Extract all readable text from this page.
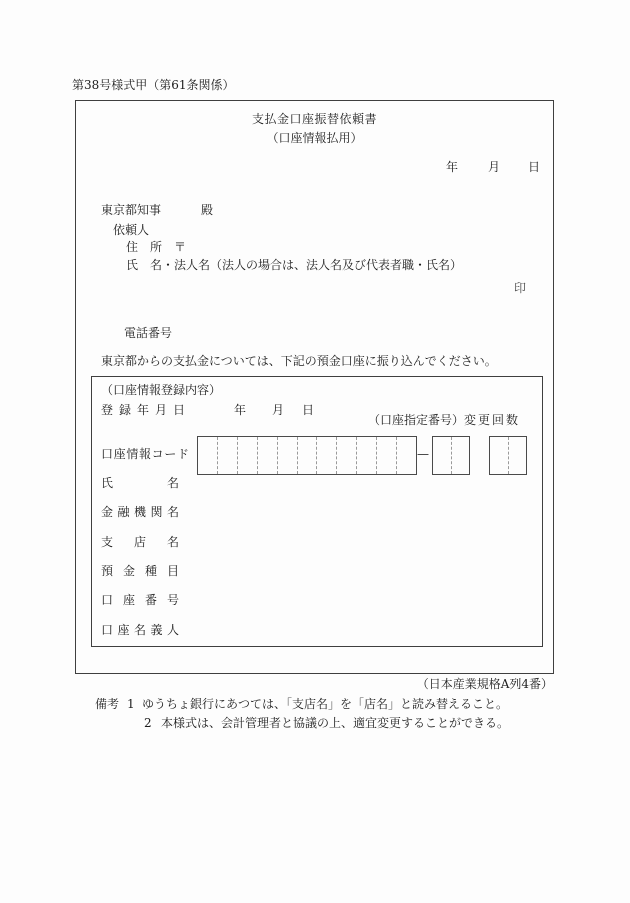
第38号様式甲（第61条関係）
支払金口座振替依頼書
（口座情報払用）
年 月 日
東京都知事	殿
依頼人
住　所　〒
氏　名・法人名（法人の場合は、法人名及び代表者職・氏名）
印
電話番号
東京都からの支払金については、下記の預金口座に振り込んでください。
（口座情報登録内容）
登録年月日	年 月 日
（口座指定番号） 変更回数
口座情報コード	—
氏名
金融機関名
支店名
預金種目
口座番号
口座名義人
（日本産業規格A列4番）
備考 1 ゆうちょ銀行にあつては、「支店名」を「店名」と読み替えること。
2 本様式は、会計管理者と協議の上、適宜変更することができる。
